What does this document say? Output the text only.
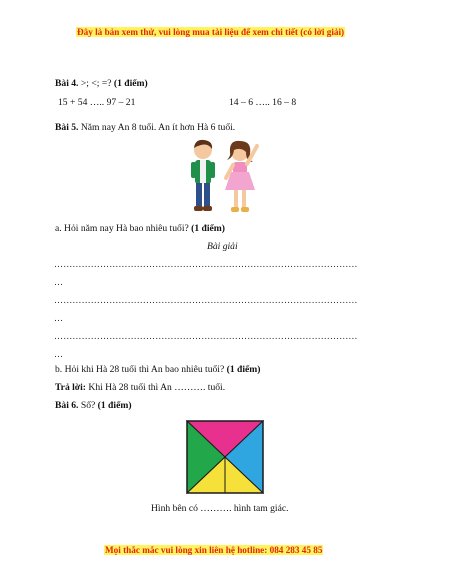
Đây là bản xem thử, vui lòng mua tài liệu để xem chi tiết (có lời giải)
Bài 4. >; <; =? (1 điểm)
15 + 54 ….. 97 – 21	14 – 6 ….. 16 – 8
Bài 5. Năm nay An 8 tuổi. An ít hơn Hà 6 tuổi.
a. Hỏi năm nay Hà bao nhiêu tuổi? (1 điểm)
Bài giải
………………………………………………………………………………………
…
………………………………………………………………………………………
…
………………………………………………………………………………………
…
b. Hỏi khi Hà 28 tuổi thì An bao nhiêu tuổi? (1 điểm)
Trả lời: Khi Hà 28 tuổi thì An ………. tuổi.
Bài 6. Số? (1 điểm)
Hình bên có ………. hình tam giác.
Mọi thắc mắc vui lòng xin liên hệ hotline: 084 283 45 85
